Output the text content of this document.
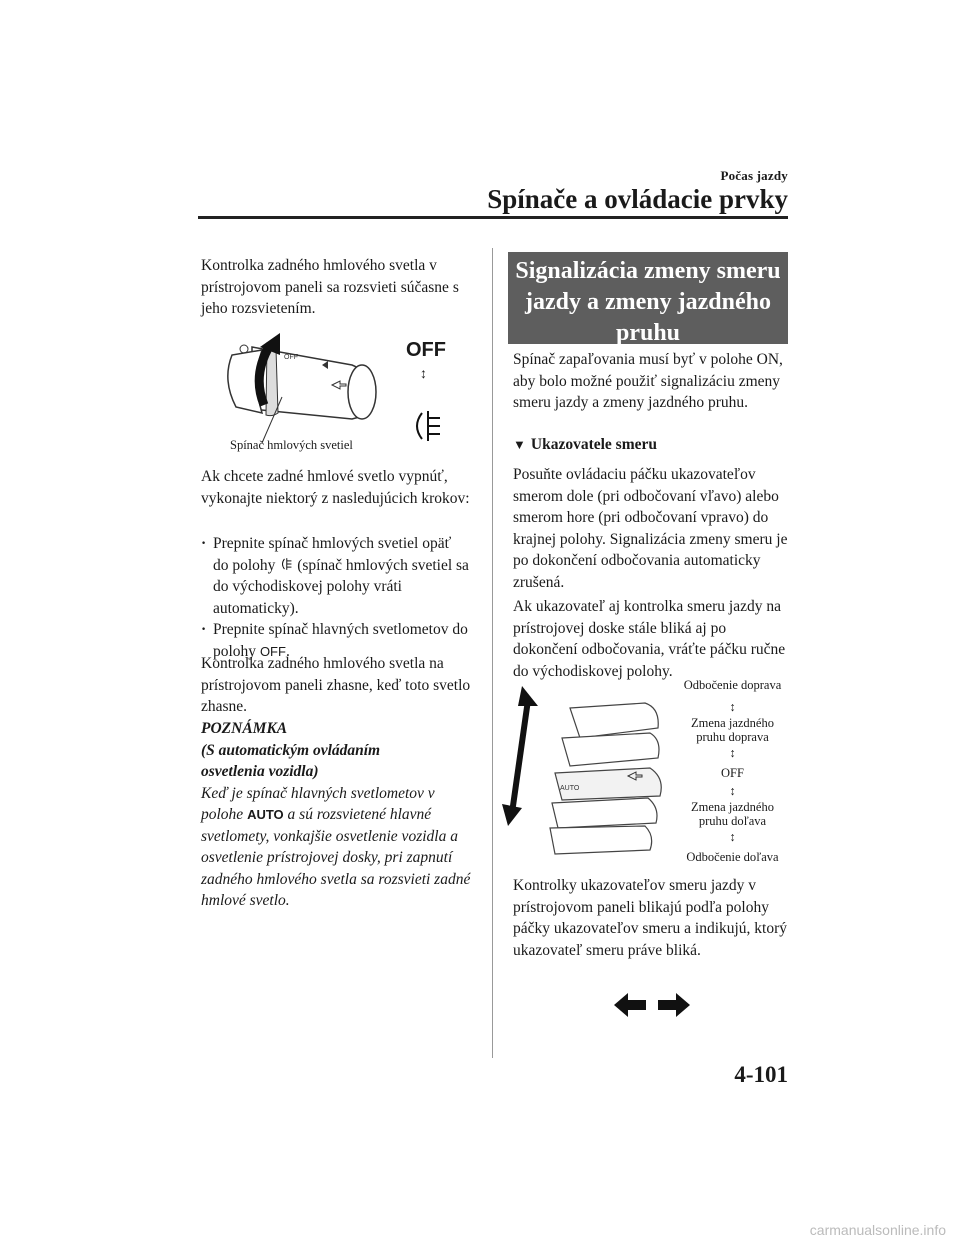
Počas jazdy
Spínače a ovládacie prvky

Kontrolka zadného hmlového svetla v prístrojovom paneli sa rozsvieti súčasne s jeho rozsvietením.

OFF	OFF
↕
Spínač hmlových svetiel

Ak chcete zadné hmlové svetlo vypnúť, vykonajte niektorý z nasledujúcich krokov:

· Prepnite spínač hmlových svetiel opäť do polohy (spínač hmlových svetiel sa do východiskovej polohy vráti automaticky).
· Prepnite spínač hlavných svetlometov do polohy OFF.

Kontrolka zadného hmlového svetla na prístrojovom paneli zhasne, keď toto svetlo zhasne.

POZNÁMKA
(S automatickým ovládaním
osvetlenia vozidla)
Keď je spínač hlavných svetlometov v polohe AUTO a sú rozsvietené hlavné svetlomety, vonkajšie osvetlenie vozidla a osvetlenie prístrojovej dosky, pri zapnutí zadného hmlového svetla sa rozsvieti zadné hmlové svetlo.
Signalizácia zmeny smeru jazdy a zmeny jazdného pruhu

Spínač zapaľovania musí byť v polohe ON, aby bolo možné použiť signalizáciu zmeny smeru jazdy a zmeny jazdného pruhu.

▼ Ukazovatele smeru

Posuňte ovládaciu páčku ukazovateľov smerom dole (pri odbočovaní vľavo) alebo smerom hore (pri odbočovaní vpravo) do krajnej polohy. Signalizácia zmeny smeru je po dokončení odbočovania automaticky zrušená.

Ak ukazovateľ aj kontrolka smeru jazdy na prístrojovej doske stále bliká aj po dokončení odbočovania, vráťte páčku ručne do východiskovej polohy.

AUTO
Odbočenie doprava
↕
Zmena jazdného
pruhu doprava
↕
OFF
↕
Zmena jazdného
pruhu doľava
↕
Odbočenie doľava

Kontrolky ukazovateľov smeru jazdy v prístrojovom paneli blikajú podľa polohy páčky ukazovateľov smeru a indikujú, ktorý ukazovateľ smeru práve bliká.

4-101
carmanualsonline.info
